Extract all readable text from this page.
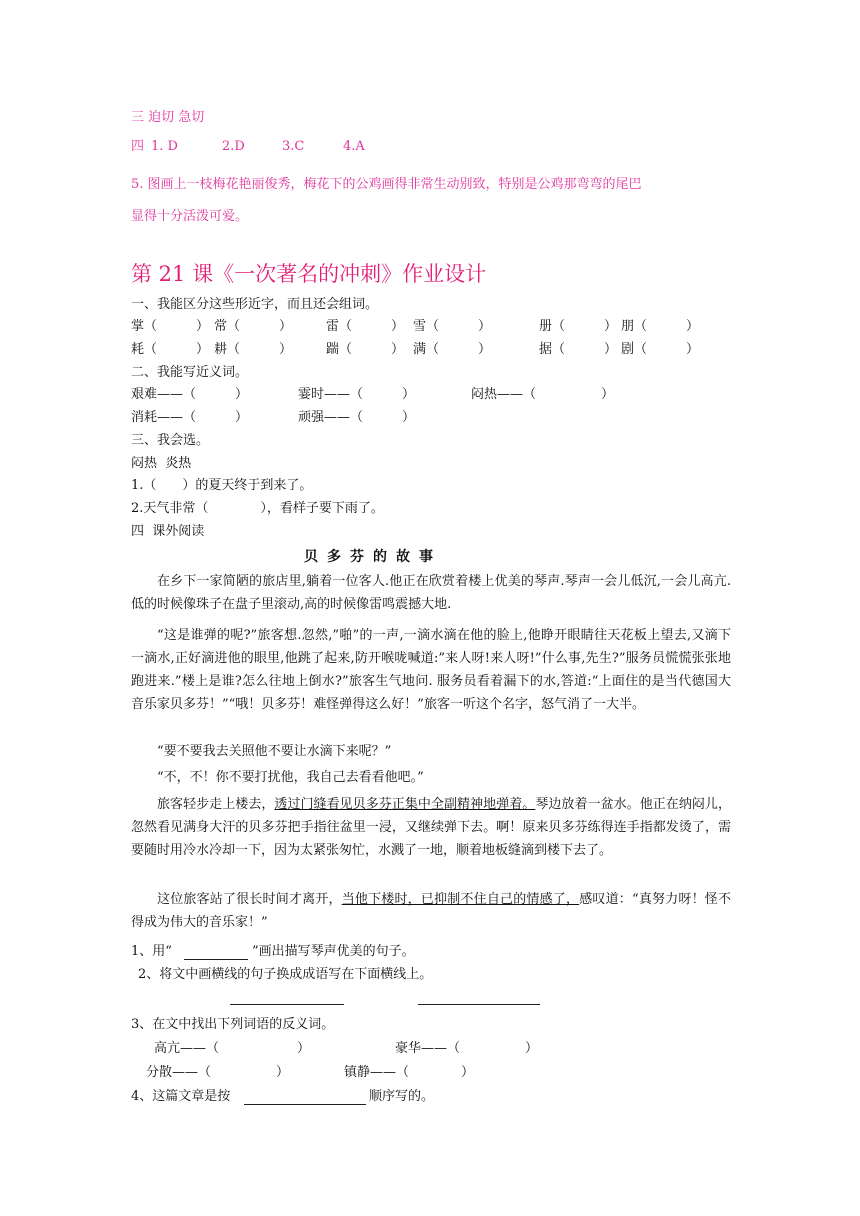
三 迫切 急切
四 1. D	2.D	3.C	4.A
5. 图画上一枝梅花艳丽俊秀，梅花下的公鸡画得非常生动别致，特别是公鸡那弯弯的尾巴
显得十分活泼可爱。
第 21 课《一次著名的冲刺》作业设计
一、我能区分这些形近字，而且还会组词。
掌（　　　） 常（　　　）	雷（　　　） 雪（　　　）	册（　　　） 朋（　　　）
耗（　　　） 耕（　　　）	踹（　　　） 满（　　　）	据（　　　） 剧（　　　）
二、我能写近义词。
艰难——（　　　）	霎时——（　　　）	闷热——（　　　　　）
消耗——（　　　）	顽强——（　　　）
三、我会选。
闷热  炎热
1.（　　）的夏天终于到来了。
2.天气非常（　　　　），看样子要下雨了。
四  课外阅读
贝多芬的故事

在乡下一家简陋的旅店里,躺着一位客人.他正在欣赏着楼上优美的琴声.琴声一会儿低沉,一会儿高亢.低的时候像珠子在盘子里滚动,高的时候像雷鸣震撼大地.

“这是谁弹的呢?”旅客想.忽然,”啪”的一声,一滴水滴在他的脸上,他睁开眼睛往天花板上望去,又滴下一滴水,正好滴进他的眼里,他跳了起来,防开喉咙喊道:”来人呀!来人呀!”什么事,先生?”服务员慌慌张张地跑进来.”楼上是谁?怎么往地上倒水?”旅客生气地问. 服务员看着漏下的水,答道:“上面住的是当代德国大音乐家贝多芬！”“哦！贝多芬！难怪弹得这么好！”旅客一听这个名字，怒气消了一大半。

“要不要我去关照他不要让水滴下来呢？”

“不，不！你不要打扰他，我自己去看看他吧。”

旅客轻步走上楼去，透过门缝看见贝多芬正集中全副精神地弹着。琴边放着一盆水。他正在纳闷儿，忽然看见满身大汗的贝多芬把手指往盆里一浸，又继续弹下去。啊！原来贝多芬练得连手指都发烫了，需要随时用冷水冷却一下，因为太紧张匆忙，水溅了一地，顺着地板缝滴到楼下去了。

这位旅客站了很长时间才离开，当他下楼时，已抑制不住自己的情感了，感叹道：“真努力呀！怪不得成为伟大的音乐家！”

1、用“	”画出描写琴声优美的句子。
2、将文中画横线的句子换成成语写在下面横线上。
3、在文中找出下列词语的反义词。
高亢——（　　　　　　）	豪华——（　　　　　）
分散——（　　　　　）	镇静——（　　　　）
4、这篇文章是按	顺序写的。
